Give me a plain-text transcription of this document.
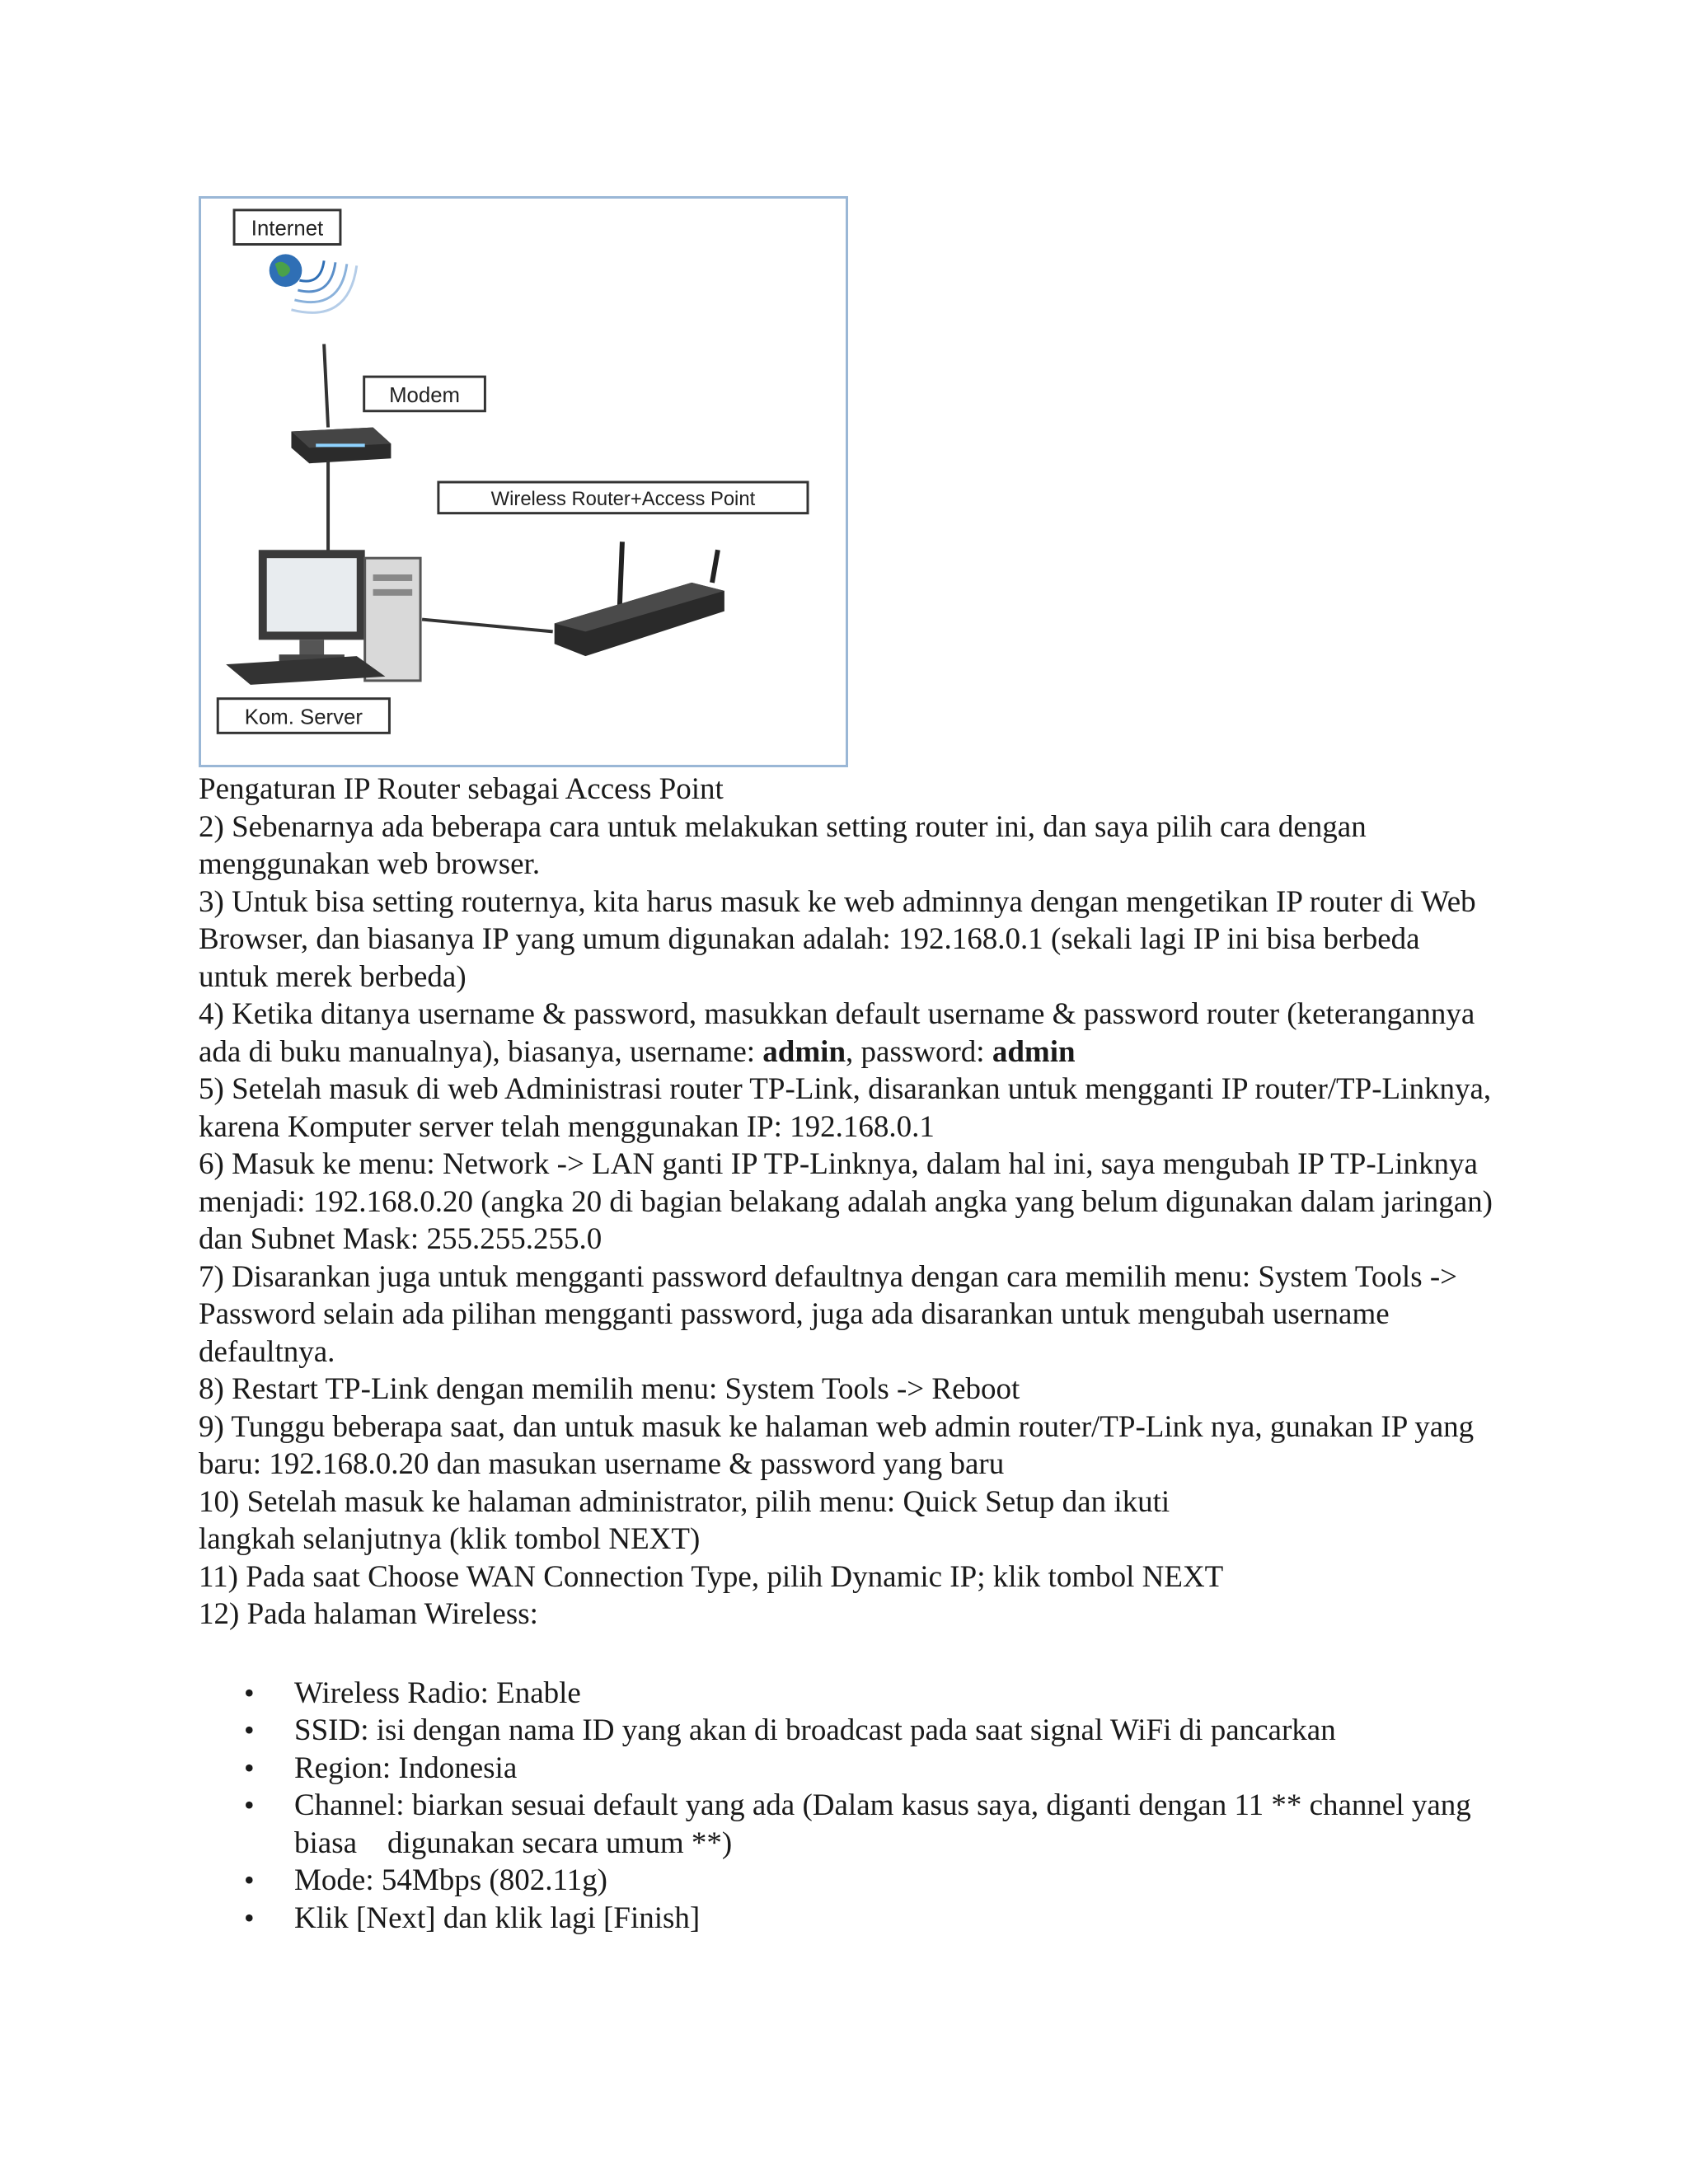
Internet
Modem
Wireless Router+Access Point
Kom. Server

Pengaturan IP Router sebagai Access Point

2) Sebenarnya ada beberapa cara untuk melakukan setting router ini, dan saya pilih cara dengan menggunakan web browser.

3) Untuk bisa setting routernya, kita harus masuk ke web adminnya dengan mengetikan IP router di Web Browser, dan biasanya IP yang umum digunakan adalah: 192.168.0.1 (sekali lagi IP ini bisa berbeda untuk merek berbeda)

4) Ketika ditanya username & password, masukkan default username & password router (keterangannya ada di buku manualnya), biasanya, username: admin, password: admin

5) Setelah masuk di web Administrasi router TP-Link, disarankan untuk mengganti IP router/TP-Linknya, karena Komputer server telah menggunakan IP: 192.168.0.1

6) Masuk ke menu: Network -> LAN ganti IP TP-Linknya, dalam hal ini, saya mengubah IP TP-Linknya menjadi: 192.168.0.20 (angka 20 di bagian belakang adalah angka yang belum digunakan dalam jaringan) dan Subnet Mask: 255.255.255.0

7) Disarankan juga untuk mengganti password defaultnya dengan cara memilih menu: System Tools -> Password selain ada pilihan mengganti password, juga ada disarankan untuk mengubah username defaultnya.

8) Restart TP-Link dengan memilih menu: System Tools -> Reboot

9) Tunggu beberapa saat, dan untuk masuk ke halaman web admin router/TP-Link nya, gunakan IP yang baru: 192.168.0.20 dan masukan username & password yang baru

10) Setelah masuk ke halaman administrator, pilih menu: Quick Setup dan ikuti

langkah selanjutnya (klik tombol NEXT)

11) Pada saat Choose WAN Connection Type, pilih Dynamic IP; klik tombol NEXT

12) Pada halaman Wireless:

• Wireless Radio: Enable
• SSID: isi dengan nama ID yang akan di broadcast pada saat signal WiFi di pancarkan
• Region: Indonesia
• Channel: biarkan sesuai default yang ada (Dalam kasus saya, diganti dengan 11 ** channel yang biasa    digunakan secara umum **)
• Mode: 54Mbps (802.11g)
• Klik [Next] dan klik lagi [Finish]
